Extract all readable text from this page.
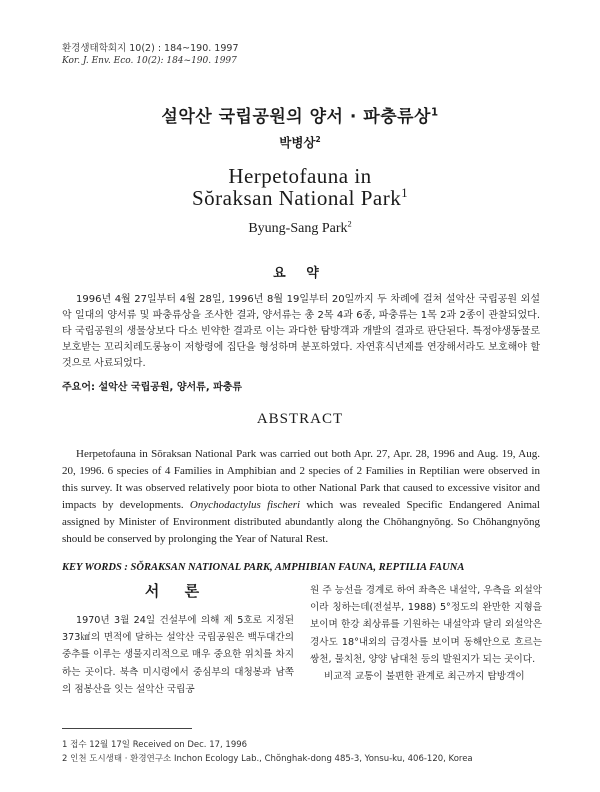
환경생태학회지 10(2) : 184~190. 1997
Kor. J. Env. Eco. 10(2): 184~190. 1997
설악산 국립공원의 양서 · 파충류상$^1$
박병상$^2$
Herpetofauna in
Sŏraksan National Park$^1$
Byung-Sang Park$^2$
요 약
1996년 4월 27일부터 4월 28일, 1996년 8월 19일부터 20일까지 두 차례에 걸쳐 설악산 국립공원 외설악 일대의 양서류 및 파충류상을 조사한 결과, 양서류는 총 2목 4과 6종, 파충류는 1목 2과 2종이 관찰되었다. 타 국립공원의 생물상보다 다소 빈약한 결과로 이는 과다한 탐방객과 개발의 결과로 판단된다. 특정야생동물로 보호받는 꼬리치레도롱뇽이 저항령에 집단을 형성하며 분포하였다. 자연휴식년제를 연장해서라도 보호해야 할 것으로 사료되었다.
주요어: 설악산 국립공원, 양서류, 파충류
ABSTRACT
Herpetofauna in Sŏraksan National Park was carried out both Apr. 27, Apr. 28, 1996 and Aug. 19, Aug. 20, 1996. 6 species of 4 Families in Amphibian and 2 species of 2 Families in Reptilian were observed in this survey. It was observed relatively poor biota to other National Park that caused to excessive visitor and impacts by developments. Onychodactylus fischeri which was revealed Specific Endangered Animal assigned by Minister of Environment distributed abundantly along the Chŏhangnyŏng. So Chŏhangnyŏng should be conserved by prolonging the Year of Natural Rest.
KEY WORDS : SŎRAKSAN NATIONAL PARK, AMPHIBIAN FAUNA, REPTILIA FAUNA
서 론
1970년 3월 24일 건설부에 의해 제 5호로 지정된 373㎢의 면적에 달하는 설악산 국립공원은 백두대간의 중추를 이루는 생물지리적으로 매우 중요한 위치를 차지하는 곳이다. 북측 미시령에서 중심부의 대청봉과 남쪽의 점봉산을 잇는 설악산 국립공

원 주 능선을 경계로 하여 좌측은 내설악, 우측을 외설악이라 칭하는데(전설부, 1988) 5°정도의 완만한 지형을 보이며 한강 최상류를 기원하는 내설악과 달리 외설악은 경사도 18°내외의 급경사를 보이며 동해안으로 흐르는 쌍천, 물치천, 양양 남대천 등의 발원지가 되는 곳이다.

비교적 교통이 불편한 관계로 최근까지 탐방객이

1 접수 12월 17일 Received on Dec. 17, 1996
2 인천 도시생태 · 환경연구소 Inchon Ecology Lab., Chŏnghak-dong 485-3, Yonsu-ku, 406-120, Korea
